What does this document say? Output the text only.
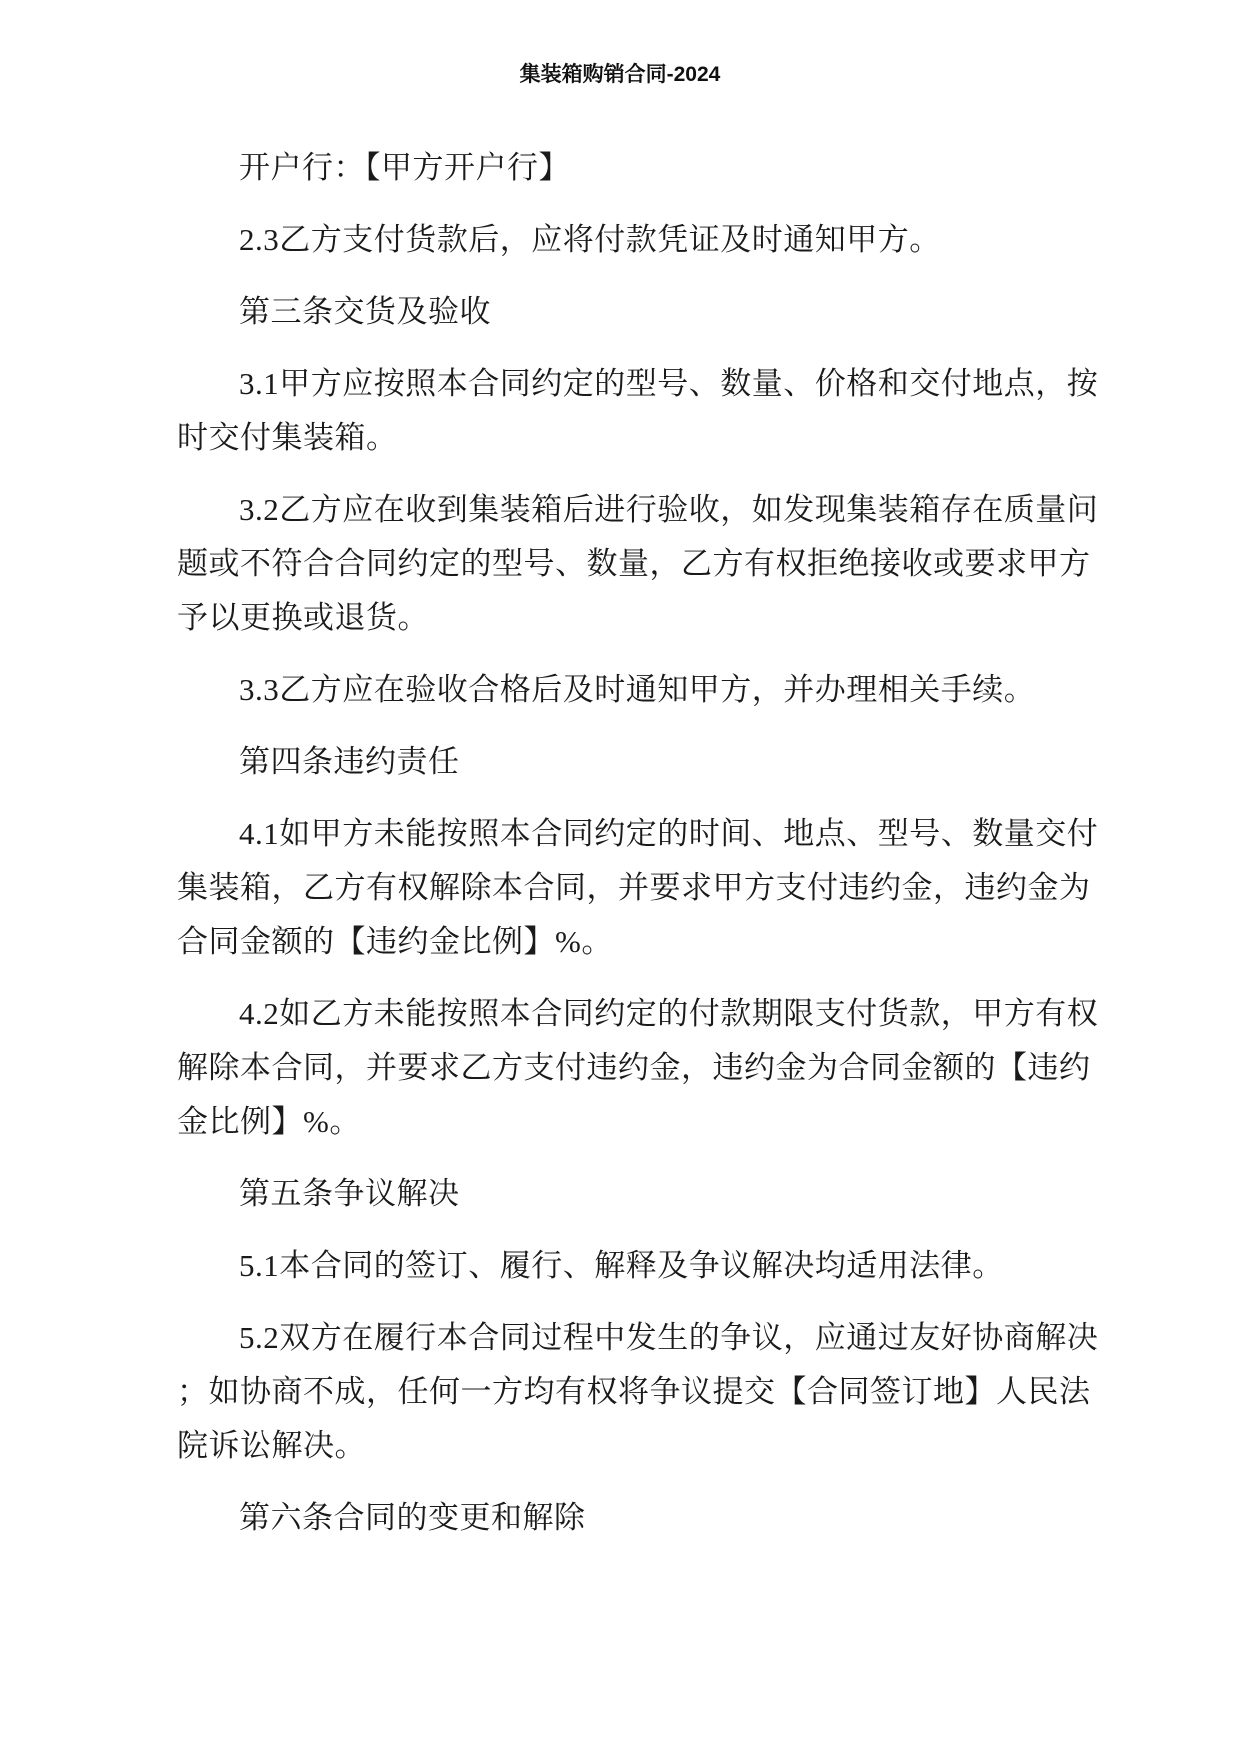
集装箱购销合同-2024
开户行：【甲方开户行】
2.3乙方支付货款后，应将付款凭证及时通知甲方。
第三条交货及验收
3.1甲方应按照本合同约定的型号、数量、价格和交付地点，按
时交付集装箱。
3.2乙方应在收到集装箱后进行验收，如发现集装箱存在质量问
题或不符合合同约定的型号、数量，乙方有权拒绝接收或要求甲方
予以更换或退货。
3.3乙方应在验收合格后及时通知甲方，并办理相关手续。
第四条违约责任
4.1如甲方未能按照本合同约定的时间、地点、型号、数量交付
集装箱，乙方有权解除本合同，并要求甲方支付违约金，违约金为
合同金额的【违约金比例】%。
4.2如乙方未能按照本合同约定的付款期限支付货款，甲方有权
解除本合同，并要求乙方支付违约金，违约金为合同金额的【违约
金比例】%。
第五条争议解决
5.1本合同的签订、履行、解释及争议解决均适用法律。
5.2双方在履行本合同过程中发生的争议，应通过友好协商解决
；如协商不成，任何一方均有权将争议提交【合同签订地】人民法
院诉讼解决。
第六条合同的变更和解除
